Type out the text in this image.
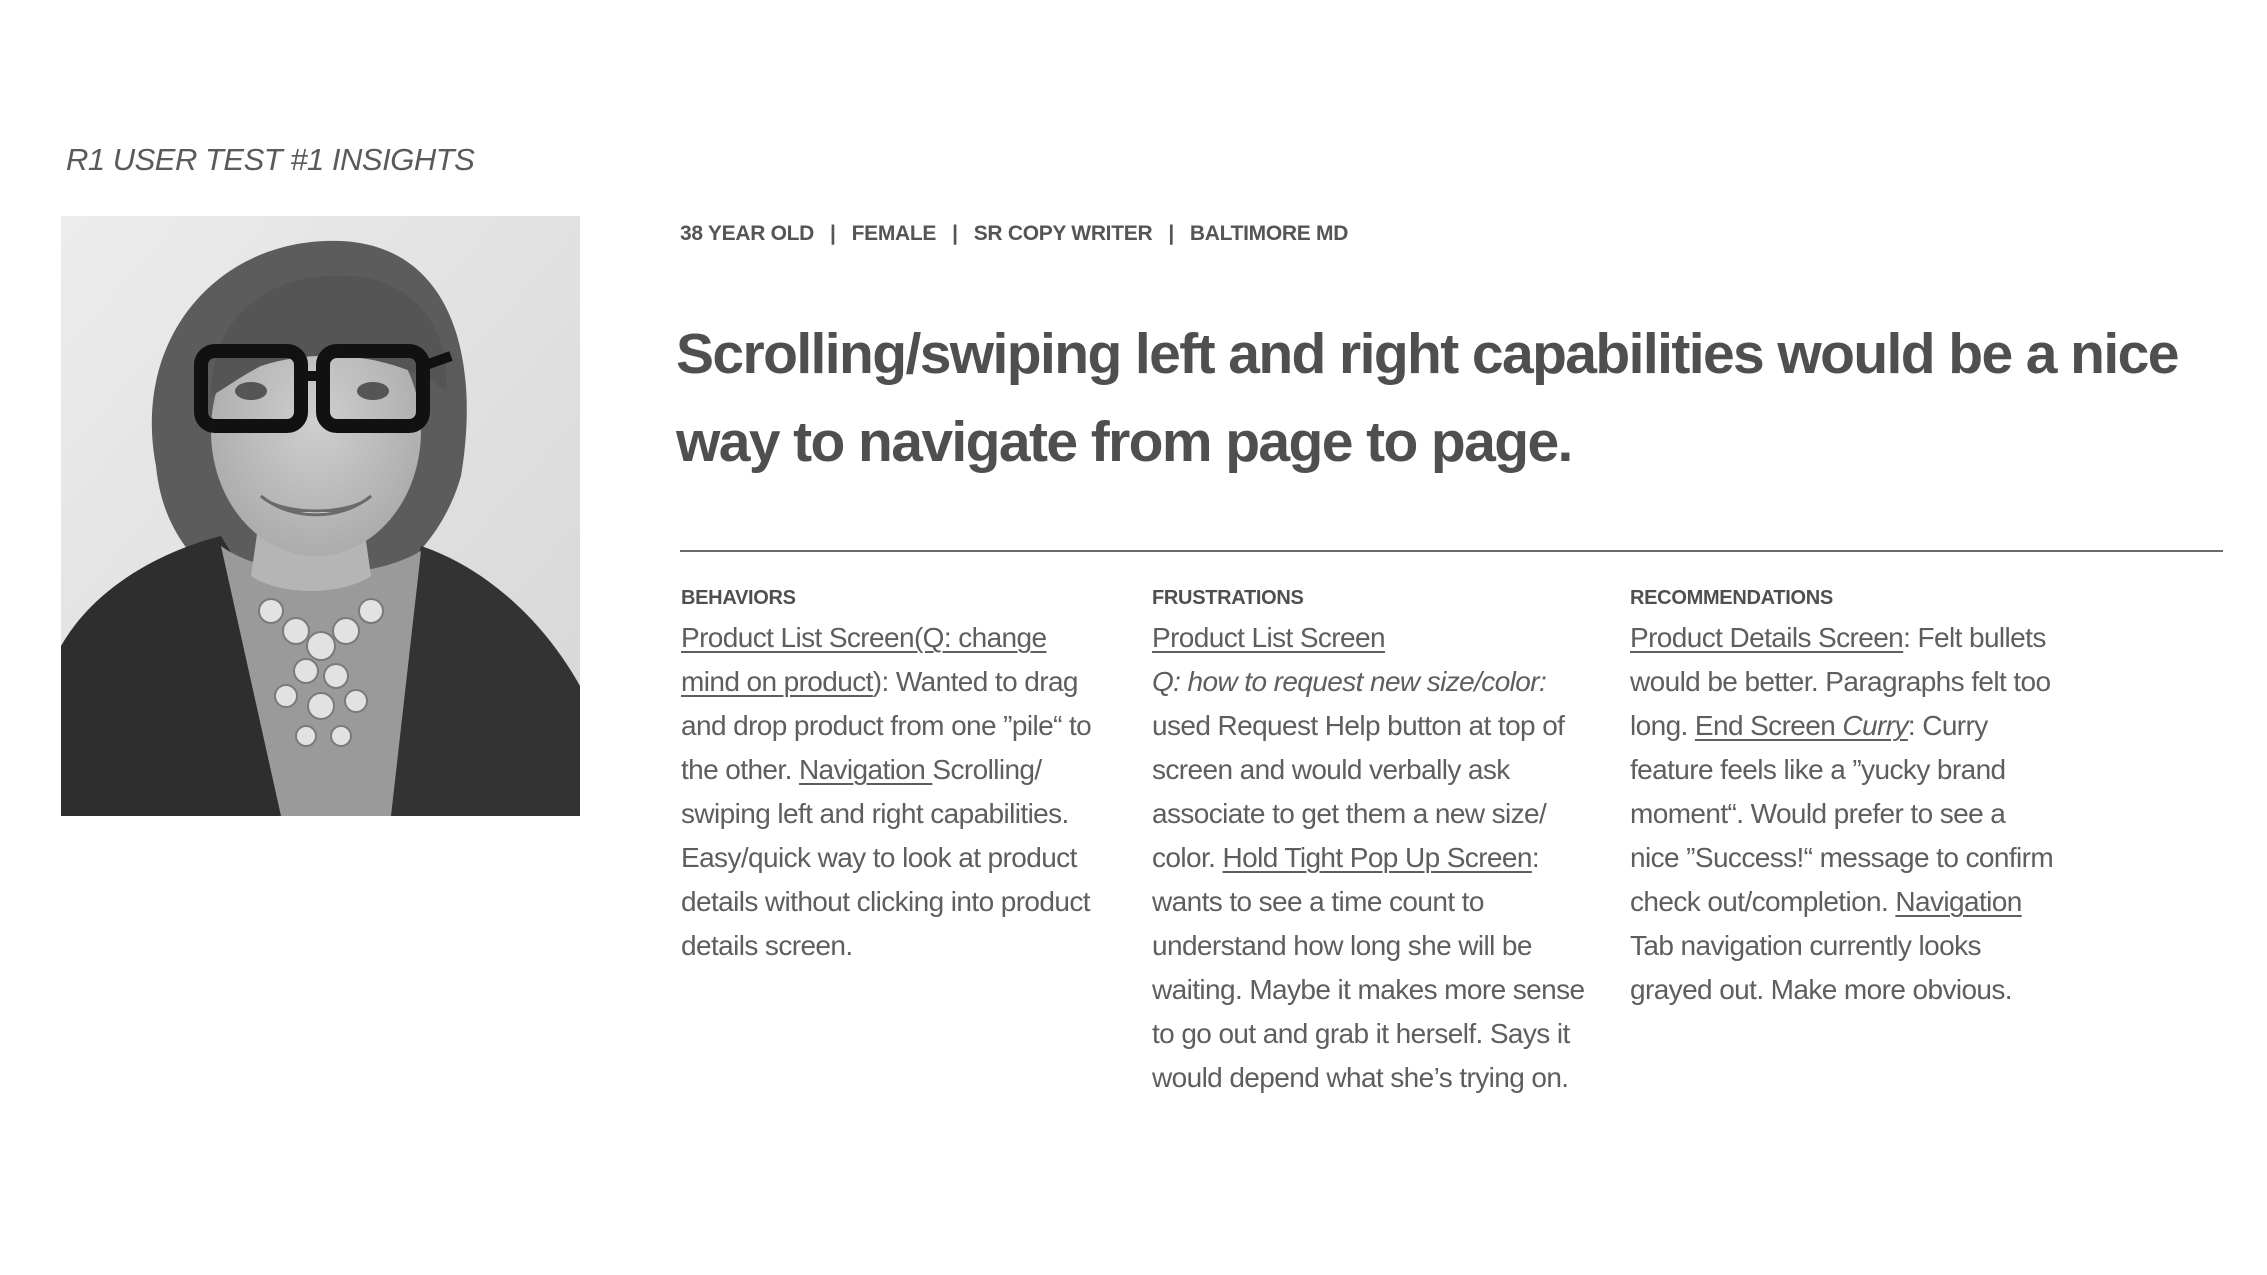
R1 USER TEST #1 INSIGHTS

38 YEAR OLD | FEMALE | SR COPY WRITER | BALTIMORE MD

Scrolling/swiping left and right capabilities would be a nice way to navigate from page to page.

BEHAVIORS
Product List Screen(Q: change mind on product): Wanted to drag and drop product from one ”pile“ to the other. Navigation Scrolling/ swiping left and right capabilities. Easy/quick way to look at product details without clicking into product details screen.
FRUSTRATIONS
Product List Screen
Q: how to request new size/color: used Request Help button at top of screen and would verbally ask associate to get them a new size/ color. Hold Tight Pop Up Screen: wants to see a time count to understand how long she will be waiting. Maybe it makes more sense to go out and grab it herself. Says it would depend what she’s trying on.
RECOMMENDATIONS
Product Details Screen: Felt bullets would be better. Paragraphs felt too long. End Screen Curry: Curry feature feels like a ”yucky brand moment“. Would prefer to see a nice ”Success!“ message to confirm check out/completion. Navigation Tab navigation currently looks grayed out. Make more obvious.
